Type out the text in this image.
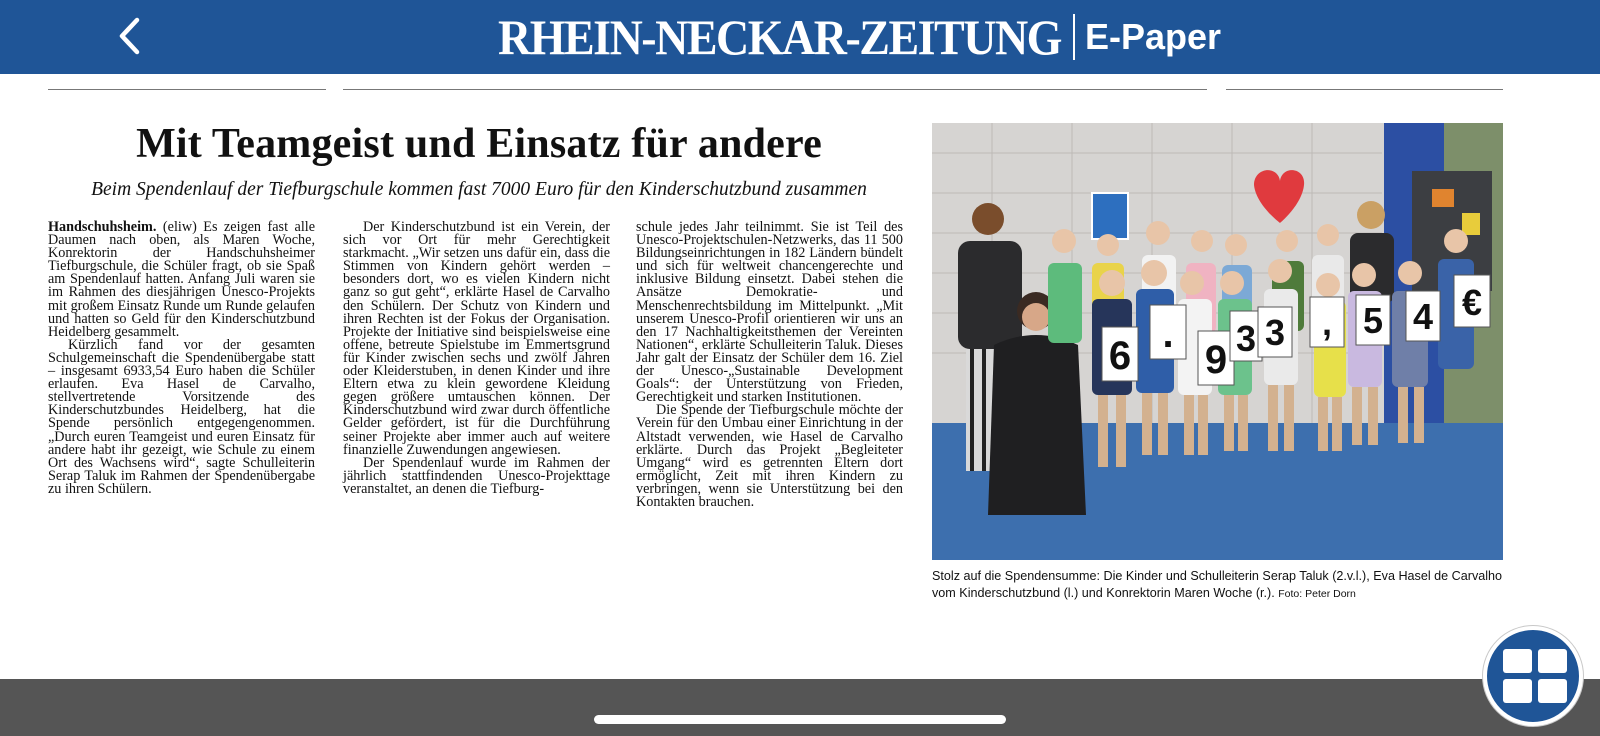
RHEIN-NECKAR-ZEITUNG E-Paper
Mit Teamgeist und Einsatz für andere
Beim Spendenlauf der Tiefburgschule kommen fast 7000 Euro für den Kinderschutzbund zusammen

Handschuhsheim. (eliw) Es zeigen fast alle Daumen nach oben, als Maren Woche, Konrektorin der Handschuhsheimer Tiefburgschule, die Schüler fragt, ob sie Spaß am Spendenlauf hatten. Anfang Juli waren sie im Rahmen des diesjährigen Unesco-Projekts mit großem Einsatz Runde um Runde gelaufen und hatten so Geld für den Kinderschutzbund Heidelberg gesammelt.

Kürzlich fand vor der gesamten Schulgemeinschaft die Spendenübergabe statt – insgesamt 6933,54 Euro haben die Schüler erlaufen. Eva Hasel de Carvalho, stellvertretende Vorsitzende des Kinderschutzbundes Heidelberg, hat die Spende persönlich entgegengenommen. „Durch euren Teamgeist und euren Einsatz für andere habt ihr gezeigt, wie Schule zu einem Ort des Wachsens wird“, sagte Schulleiterin Serap Taluk im Rahmen der Spendenübergabe zu ihren Schülern.

Der Kinderschutzbund ist ein Verein, der sich vor Ort für mehr Gerechtigkeit starkmacht. „Wir setzen uns dafür ein, dass die Stimmen von Kindern gehört werden – besonders dort, wo es vielen Kindern nicht ganz so gut geht“, erklärte Hasel de Carvalho den Schülern. Der Schutz von Kindern und ihren Rechten ist der Fokus der Organisation. Projekte der Initiative sind beispielsweise eine offene, betreute Spielstube im Emmertsgrund für Kinder zwischen sechs und zwölf Jahren oder Kleiderstuben, in denen Kinder und ihre Eltern etwa zu klein gewordene Kleidung gegen größere umtauschen können. Der Kinderschutzbund wird zwar durch öffentliche Gelder gefördert, ist für die Durchführung seiner Projekte aber immer auch auf weitere finanzielle Zuwendungen angewiesen.

Der Spendenlauf wurde im Rahmen der jährlich stattfindenden Unesco-Projekttage veranstaltet, an denen die Tiefburg-

schule jedes Jahr teilnimmt. Sie ist Teil des Unesco-Projektschulen-Netzwerks, das 11 500 Bildungseinrichtungen in 182 Ländern bündelt und sich für weltweit chancengerechte und inklusive Bildung einsetzt. Dabei stehen die Ansätze Demokratie- und Menschenrechtsbildung im Mittelpunkt. „Mit unserem Unesco-Profil orientieren wir uns an den 17 Nachhaltigkeitsthemen der Vereinten Nationen“, erklärte Schulleiterin Taluk. Dieses Jahr galt der Einsatz der Schüler dem 16. Ziel der Unesco-„Sustainable Development Goals“: der Unterstützung von Frieden, Gerechtigkeit und starken Institutionen.

Die Spende der Tiefburgschule möchte der Verein für den Umbau einer Einrichtung in der Altstadt verwenden, wie Hasel de Carvalho erklärte. Durch das Projekt „Begleiteter Umgang“ wird es getrennten Eltern dort ermöglicht, Zeit mit ihren Kindern zu verbringen, wenn sie Unterstützung bei den Kontakten brauchen.

6 .
9 3 3 , 5 4 €
Stolz auf die Spendensumme: Die Kinder und Schulleiterin Serap Taluk (2.v.l.), Eva Hasel de Carvalho vom Kinderschutzbund (l.) und Konrektorin Maren Woche (r.). Foto: Peter Dorn
